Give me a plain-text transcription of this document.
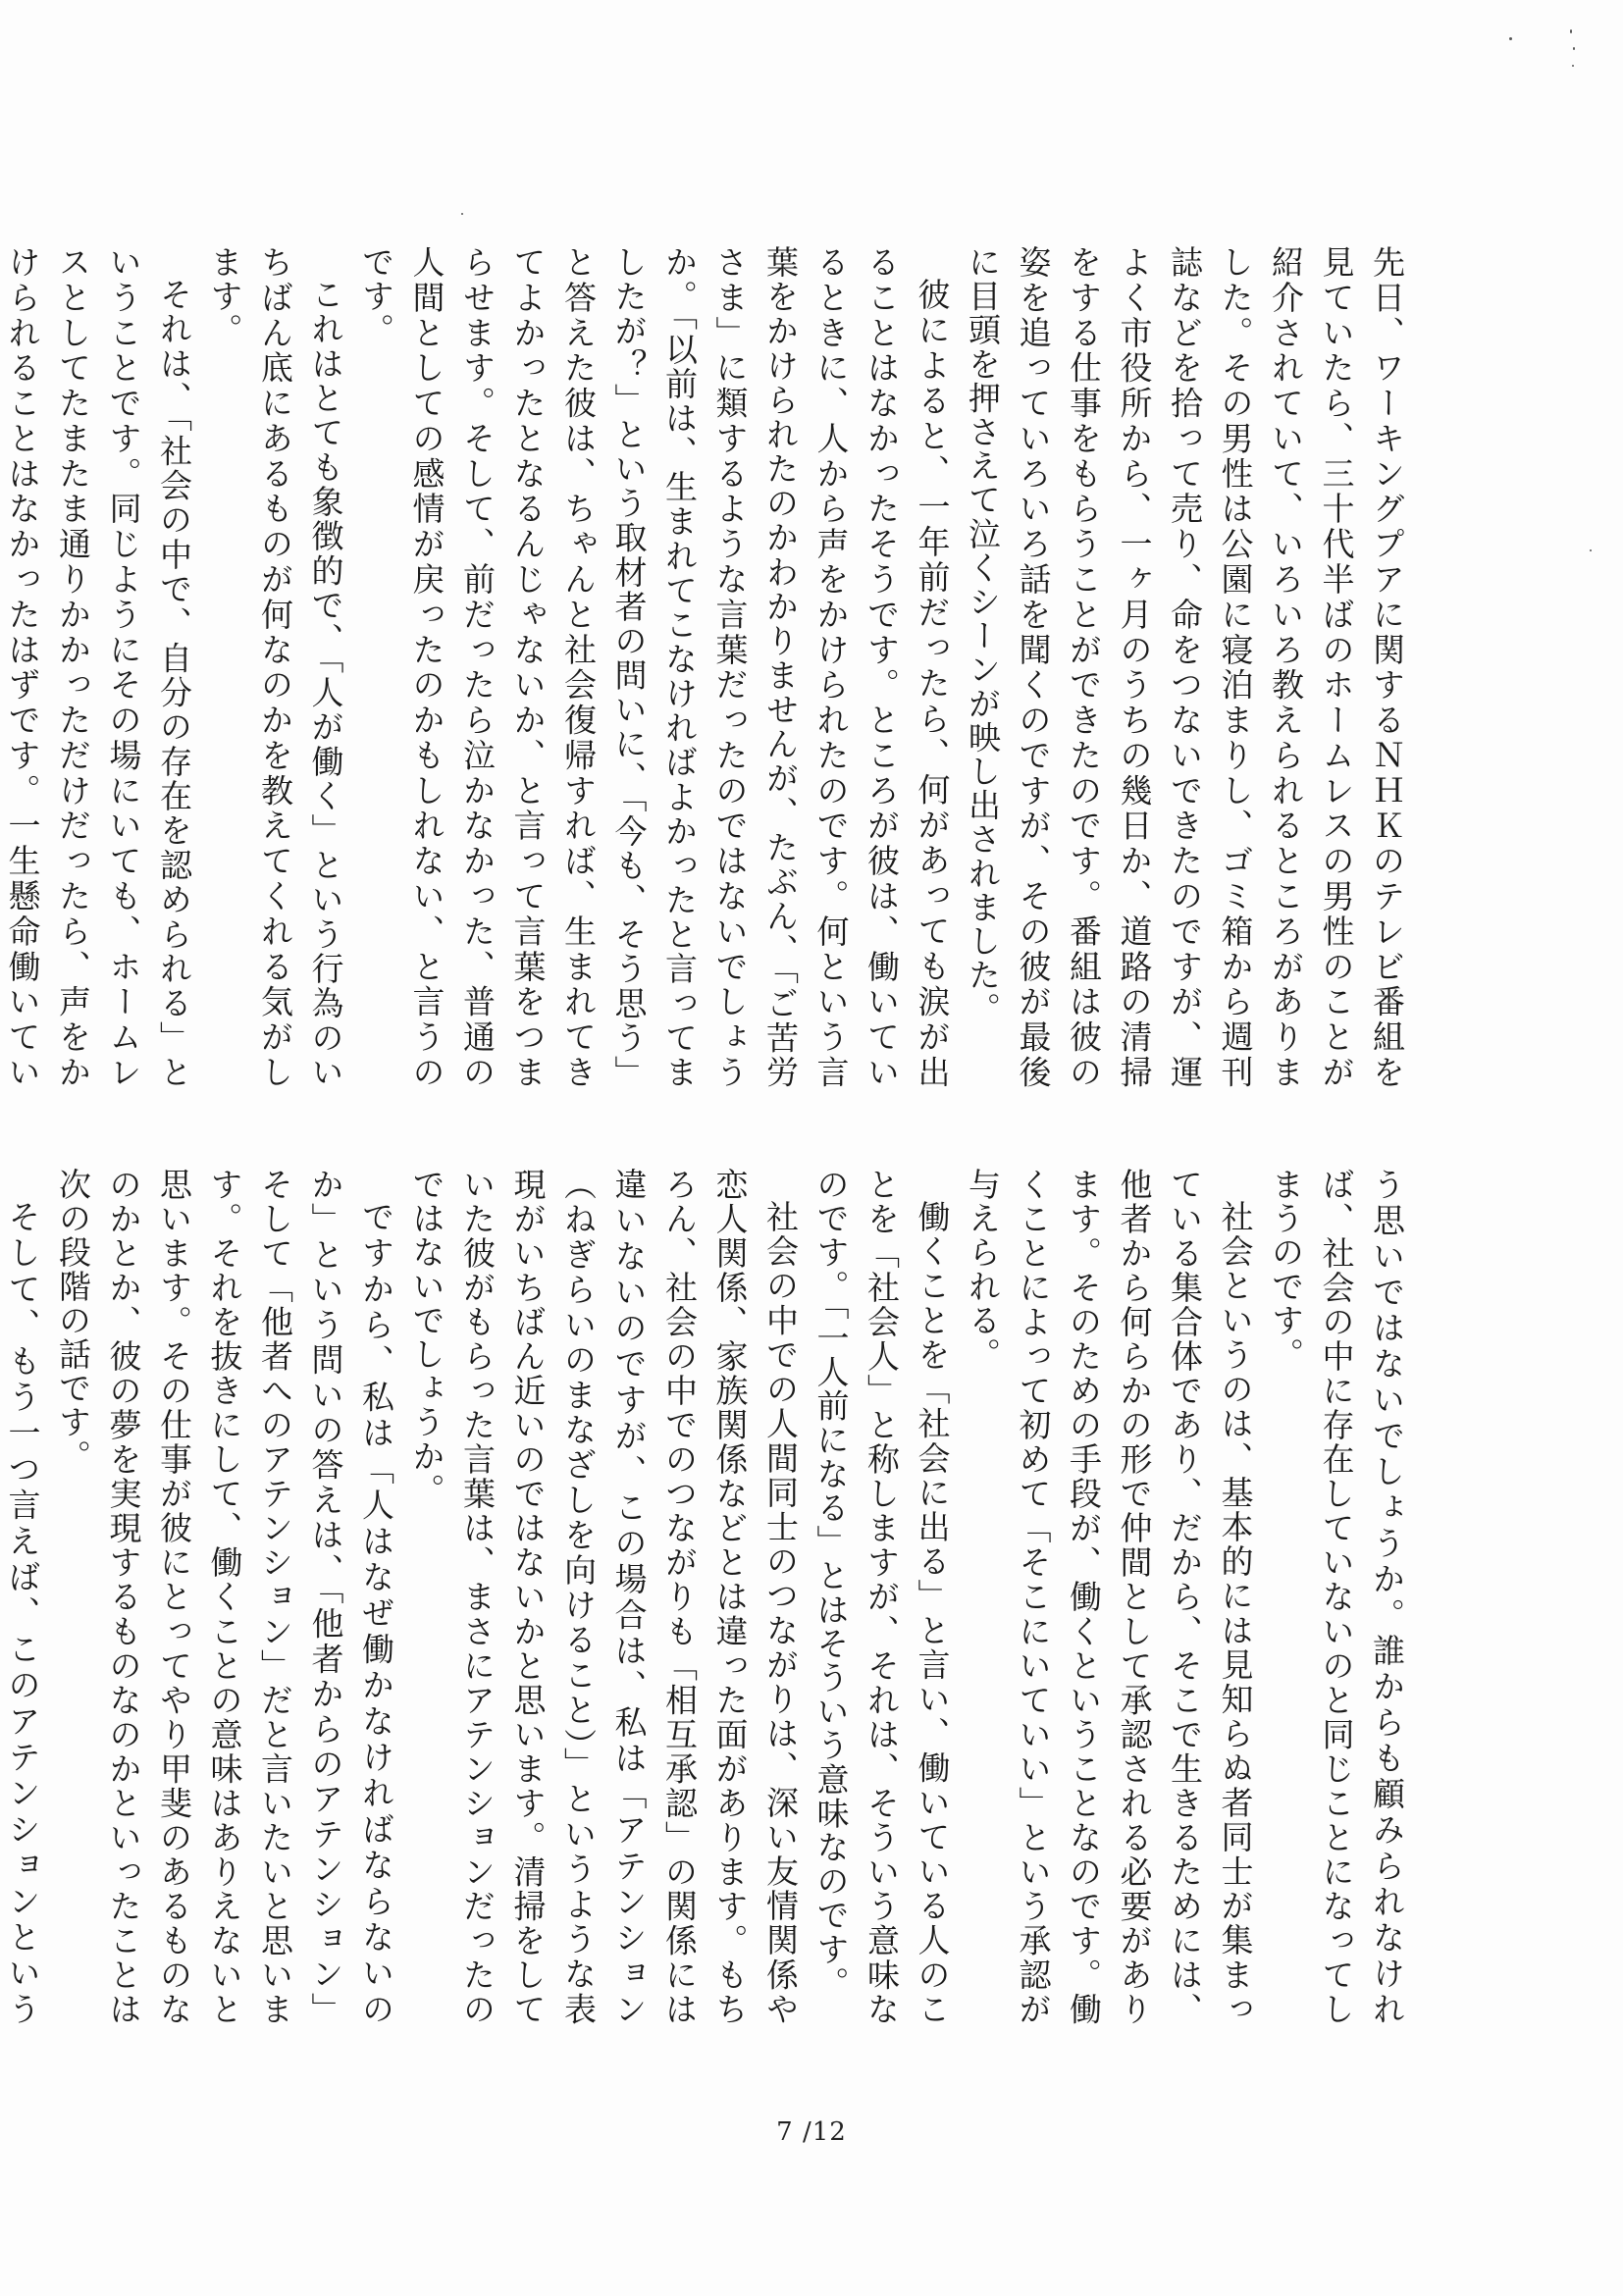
先日、ワーキングプアに関するＮＨＫのテレビ番組を見ていたら、三十代半ばのホームレスの男性のことが紹介されていて、いろいろ教えられるところがありました。その男性は公園に寝泊まりし、ゴミ箱から週刊誌などを拾って売り、命をつないできたのですが、運よく市役所から、一ヶ月のうちの幾日か、道路の清掃をする仕事をもらうことができたのです。番組は彼の姿を追っていろいろ話を聞くのですが、その彼が最後に目頭を押さえて泣くシーンが映し出されました。

彼によると、一年前だったら、何があっても涙が出ることはなかったそうです。ところが彼は、働いているときに、人から声をかけられたのです。何という言葉をかけられたのかわかりませんが、たぶん、「ご苦労さま」に類するような言葉だったのではないでしょうか。「以前は、生まれてこなければよかったと言ってましたが？」という取材者の問いに、「今も、そう思う」と答えた彼は、ちゃんと社会復帰すれば、生まれてきてよかったとなるんじゃないか、と言って言葉をつまらせます。そして、前だったら泣かなかった、普通の人間としての感情が戻ったのかもしれない、と言うのです。

これはとても象徴的で、「人が働く」という行為のいちばん底にあるものが何なのかを教えてくれる気がします。

それは、「社会の中で、自分の存在を認められる」ということです。同じようにその場にいても、ホームレスとしてたまたま通りかかっただけだったら、声をかけられることはなかったはずです。一生懸命働いてい

う思いではないでしょうか。誰からも顧みられなければ、社会の中に存在していないのと同じことになってしまうのです。

社会というのは、基本的には見知らぬ者同士が集まっている集合体であり、だから、そこで生きるためには、他者から何らかの形で仲間として承認される必要があります。そのための手段が、働くということなのです。働くことによって初めて「そこにいていい」という承認が与えられる。

働くことを「社会に出る」と言い、働いている人のことを「社会人」と称しますが、それは、そういう意味なのです。「一人前になる」とはそういう意味なのです。

社会の中での人間同士のつながりは、深い友情関係や恋人関係、家族関係などとは違った面があります。もちろん、社会の中でのつながりも「相互承認」の関係には違いないのですが、この場合は、私は「アテンション（ねぎらいのまなざしを向けること）」というような表現がいちばん近いのではないかと思います。清掃をしていた彼がもらった言葉は、まさにアテンションだったのではないでしょうか。

ですから、私は「人はなぜ働かなければならないのか」という問いの答えは、「他者からのアテンション」そして「他者へのアテンション」だと言いたいと思います。それを抜きにして、働くことの意味はありえないと思います。その仕事が彼にとってやり甲斐のあるものなのかとか、彼の夢を実現するものなのかといったことは次の段階の話です。

そして、もう一つ言えば、このアテンションという

7 /12
